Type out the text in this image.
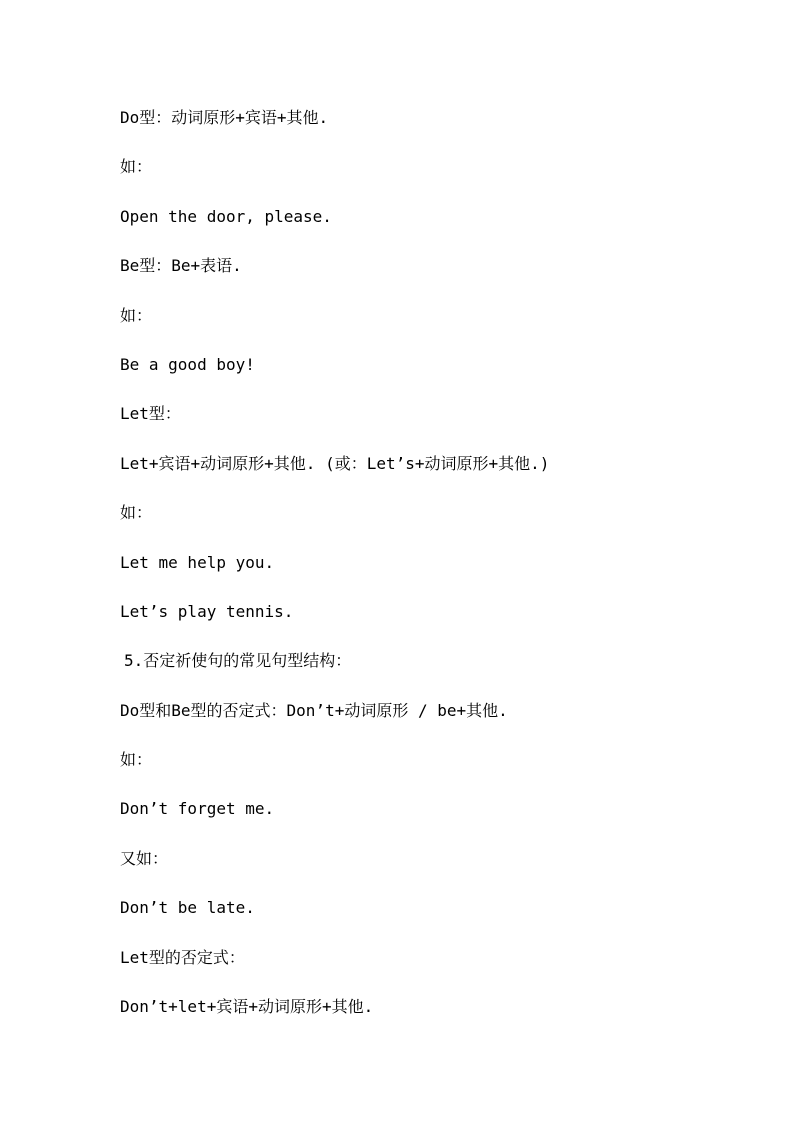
Do型：动词原形+宾语+其他.
如：
Open the door, please.
Be型：Be+表语.
如：
Be a good boy!
Let型：
Let+宾语+动词原形+其他. (或：Let’s+动词原形+其他.)
如：
Let me help you.
Let’s play tennis.
5.否定祈使句的常见句型结构：
Do型和Be型的否定式：Don’t+动词原形 / be+其他.
如：
Don’t forget me.
又如：
Don’t be late.
Let型的否定式：
Don’t+let+宾语+动词原形+其他.
